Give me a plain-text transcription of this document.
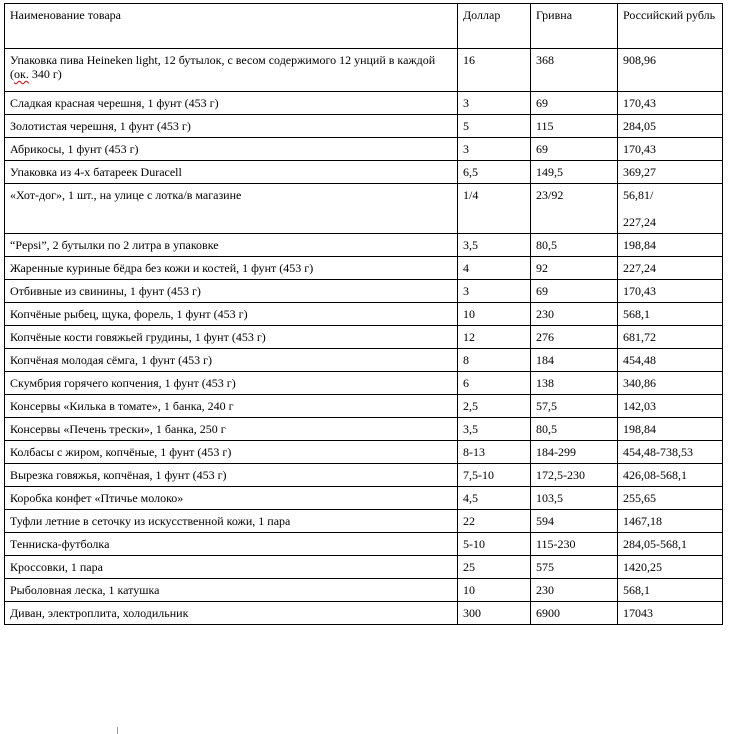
Наименование товара	Доллар	Гривна	Российский рубль
Упаковка пива Heineken light, 12 бутылок, с весом содержимого 12 унций в каждой (ок. 340 г)	16	368	908,96
Сладкая красная черешня, 1 фунт (453 г)	3	69	170,43
Золотистая черешня, 1 фунт (453 г)	5	115	284,05
Абрикосы, 1 фунт (453 г)	3	69	170,43
Упаковка из 4-х батареек Duracell	6,5	149,5	369,27
«Хот-дог», 1 шт., на улице с лотка/в магазине	1/4	23/92	56,81/
227,24

“Pepsi”, 2 бутылки по 2 литра в упаковке	3,5	80,5	198,84
Жаренные куриные бёдра без кожи и костей, 1 фунт (453 г)	4	92	227,24
Отбивные из свинины, 1 фунт (453 г)	3	69	170,43
Копчёные рыбец, щука, форель, 1 фунт (453 г)	10	230	568,1
Копчёные кости говяжьей грудины, 1 фунт (453 г)	12	276	681,72
Копчёная молодая сёмга, 1 фунт (453 г)	8	184	454,48
Скумбрия горячего копчения, 1 фунт (453 г)	6	138	340,86
Консервы «Килька в томате», 1 банка, 240 г	2,5	57,5	142,03
Консервы «Печень трески», 1 банка, 250 г	3,5	80,5	198,84
Колбасы с жиром, копчёные, 1 фунт (453 г)	8-13	184-299	454,48-738,53
Вырезка говяжья, копчёная, 1 фунт (453 г)	7,5-10	172,5-230	426,08-568,1
Коробка конфет «Птичье молоко»	4,5	103,5	255,65
Туфли летние в сеточку из искусственной кожи, 1 пара	22	594	1467,18
Тенниска-футболка	5-10	115-230	284,05-568,1
Кроссовки, 1 пара	25	575	1420,25
Рыболовная леска, 1 катушка	10	230	568,1
Диван, электроплита, холодильник	300	6900	17043
